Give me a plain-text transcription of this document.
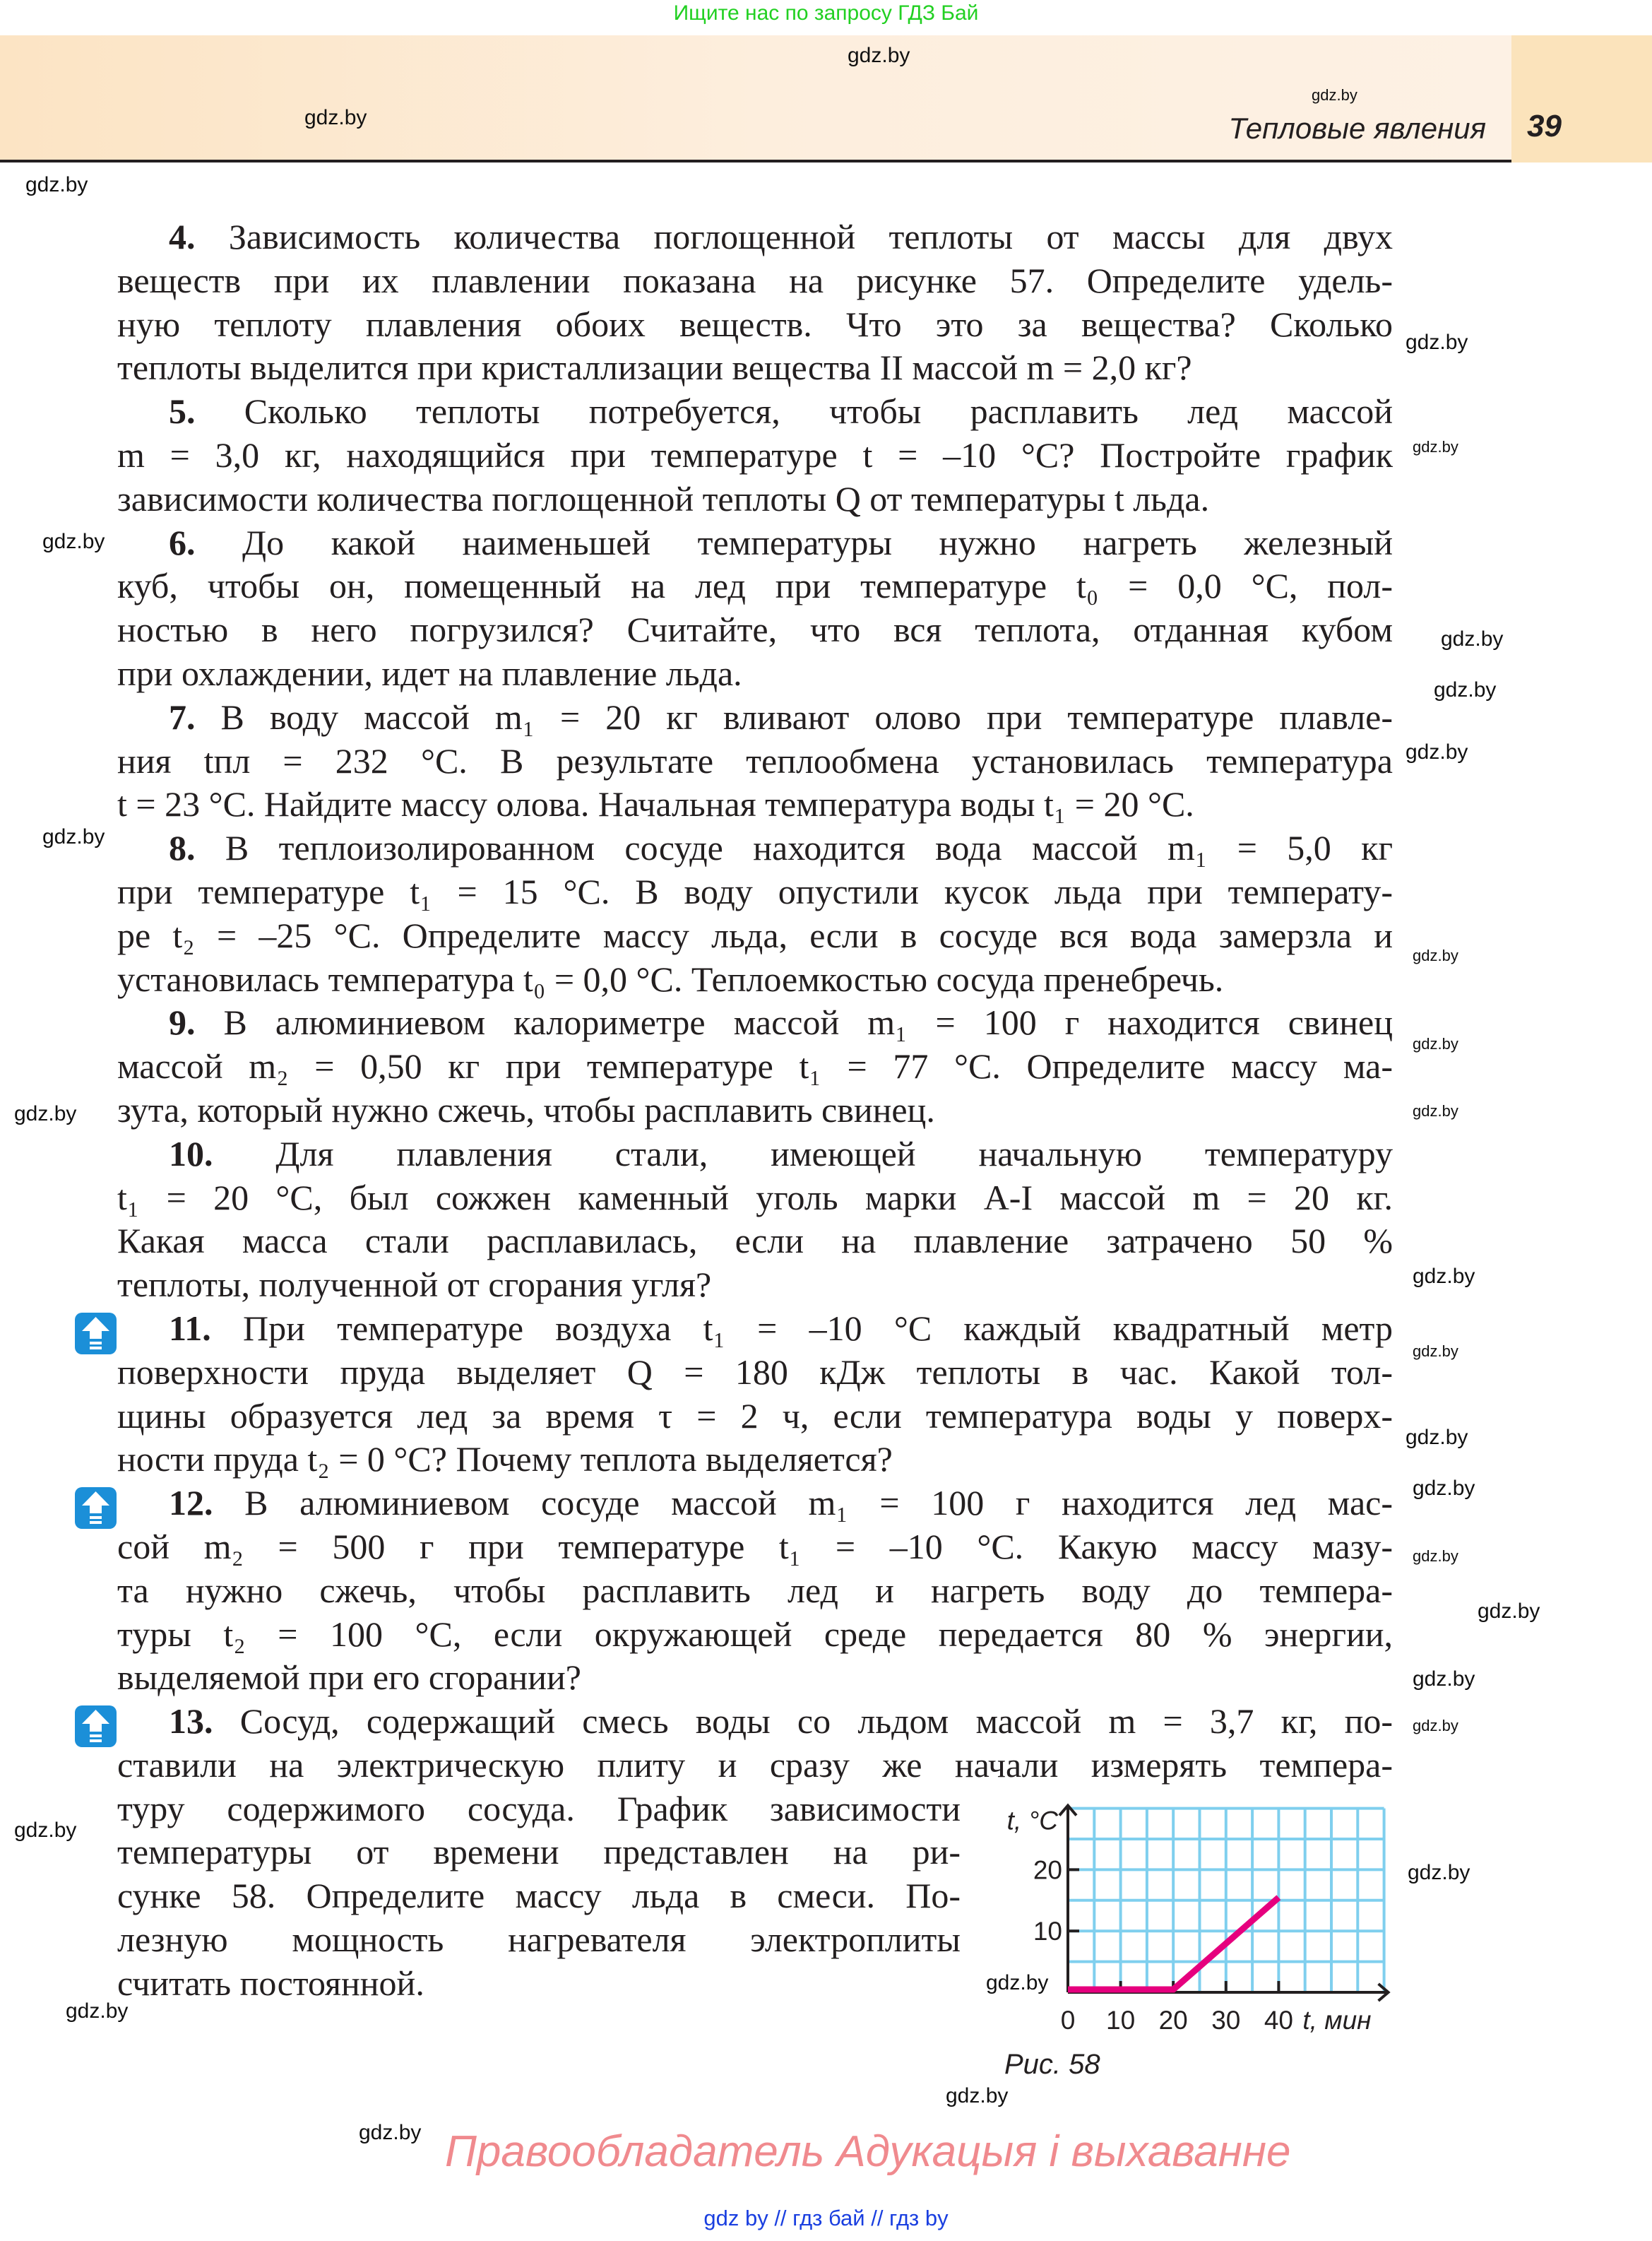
Ищите нас по запросу ГДЗ Бай
Тепловые явления 39
4. Зависимость количества поглощенной теплоты от массы для двух
веществ при их плавлении показана на рисунке 57. Определите удель-
ную теплоту плавления обоих веществ. Что это за вещества? Сколько
теплоты выделится при кристаллизации вещества II массой m = 2,0 кг?
5. Сколько теплоты потребуется, чтобы расплавить лед массой
m = 3,0 кг, находящийся при температуре t = –10 °С? Постройте график
зависимости количества поглощенной теплоты Q от температуры t льда.
6. До какой наименьшей температуры нужно нагреть железный
куб, чтобы он, помещенный на лед при температуре t₀ = 0,0 °С, пол-
ностью в него погрузился? Считайте, что вся теплота, отданная кубом
при охлаждении, идет на плавление льда.
7. В воду массой m₁ = 20 кг вливают олово при температуре плавле-
ния tпл = 232 °С. В результате теплообмена установилась температура
t = 23 °С. Найдите массу олова. Начальная температура воды t₁ = 20 °С.
8. В теплоизолированном сосуде находится вода массой m₁ = 5,0 кг
при температуре t₁ = 15 °С. В воду опустили кусок льда при температу-
ре t₂ = –25 °С. Определите массу льда, если в сосуде вся вода замерзла и
установилась температура t₀ = 0,0 °С. Теплоемкостью сосуда пренебречь.
9. В алюминиевом калориметре массой m₁ = 100 г находится свинец
массой m₂ = 0,50 кг при температуре t₁ = 77 °С. Определите массу ма-
зута, который нужно сжечь, чтобы расплавить свинец.
10. Для плавления стали, имеющей начальную температуру
t₁ = 20 °С, был сожжен каменный уголь марки А-I массой m = 20 кг.
Какая масса стали расплавилась, если на плавление затрачено 50 %
теплоты, полученной от сгорания угля?
11. При температуре воздуха t₁ = –10 °С каждый квадратный метр
поверхности пруда выделяет Q = 180 кДж теплоты в час. Какой тол-
щины образуется лед за время τ = 2 ч, если температура воды у поверх-
ности пруда t₂ = 0 °С? Почему теплота выделяется?
12. В алюминиевом сосуде массой m₁ = 100 г находится лед мас-
сой m₂ = 500 г при температуре t₁ = –10 °С. Какую массу мазу-
та нужно сжечь, чтобы расплавить лед и нагреть воду до темпера-
туры t₂ = 100 °С, если окружающей среде передается 80 % энергии,
выделяемой при его сгорании?
13. Сосуд, содержащий смесь воды со льдом массой m = 3,7 кг, по-
ставили на электрическую плиту и сразу же начали измерять темпера-
туру содержимого сосуда. График зависимости
температуры от времени представлен на ри-
сунке 58. Определите массу льда в смеси. По-
лезную мощность нагревателя электроплиты
считать постоянной.
0 10 20 30 40
10
20
t, °C
t, мин
Рис. 58
gdz.by
gdz.by
gdz.by
gdz.by
gdz.by
gdz.by
gdz.by
gdz.by
gdz.by
gdz.by
gdz.by
gdz.by
gdz.by
gdz.by
gdz.by
gdz.by
gdz.by
gdz.by
gdz.by
gdz.by
gdz.by
gdz.by
gdz.by
gdz.by
gdz.by
gdz.by
gdz.by
gdz.by
gdz.by Правообладатель Адукацыя і выхаванне
gdz by // гдз бай // гдз by
